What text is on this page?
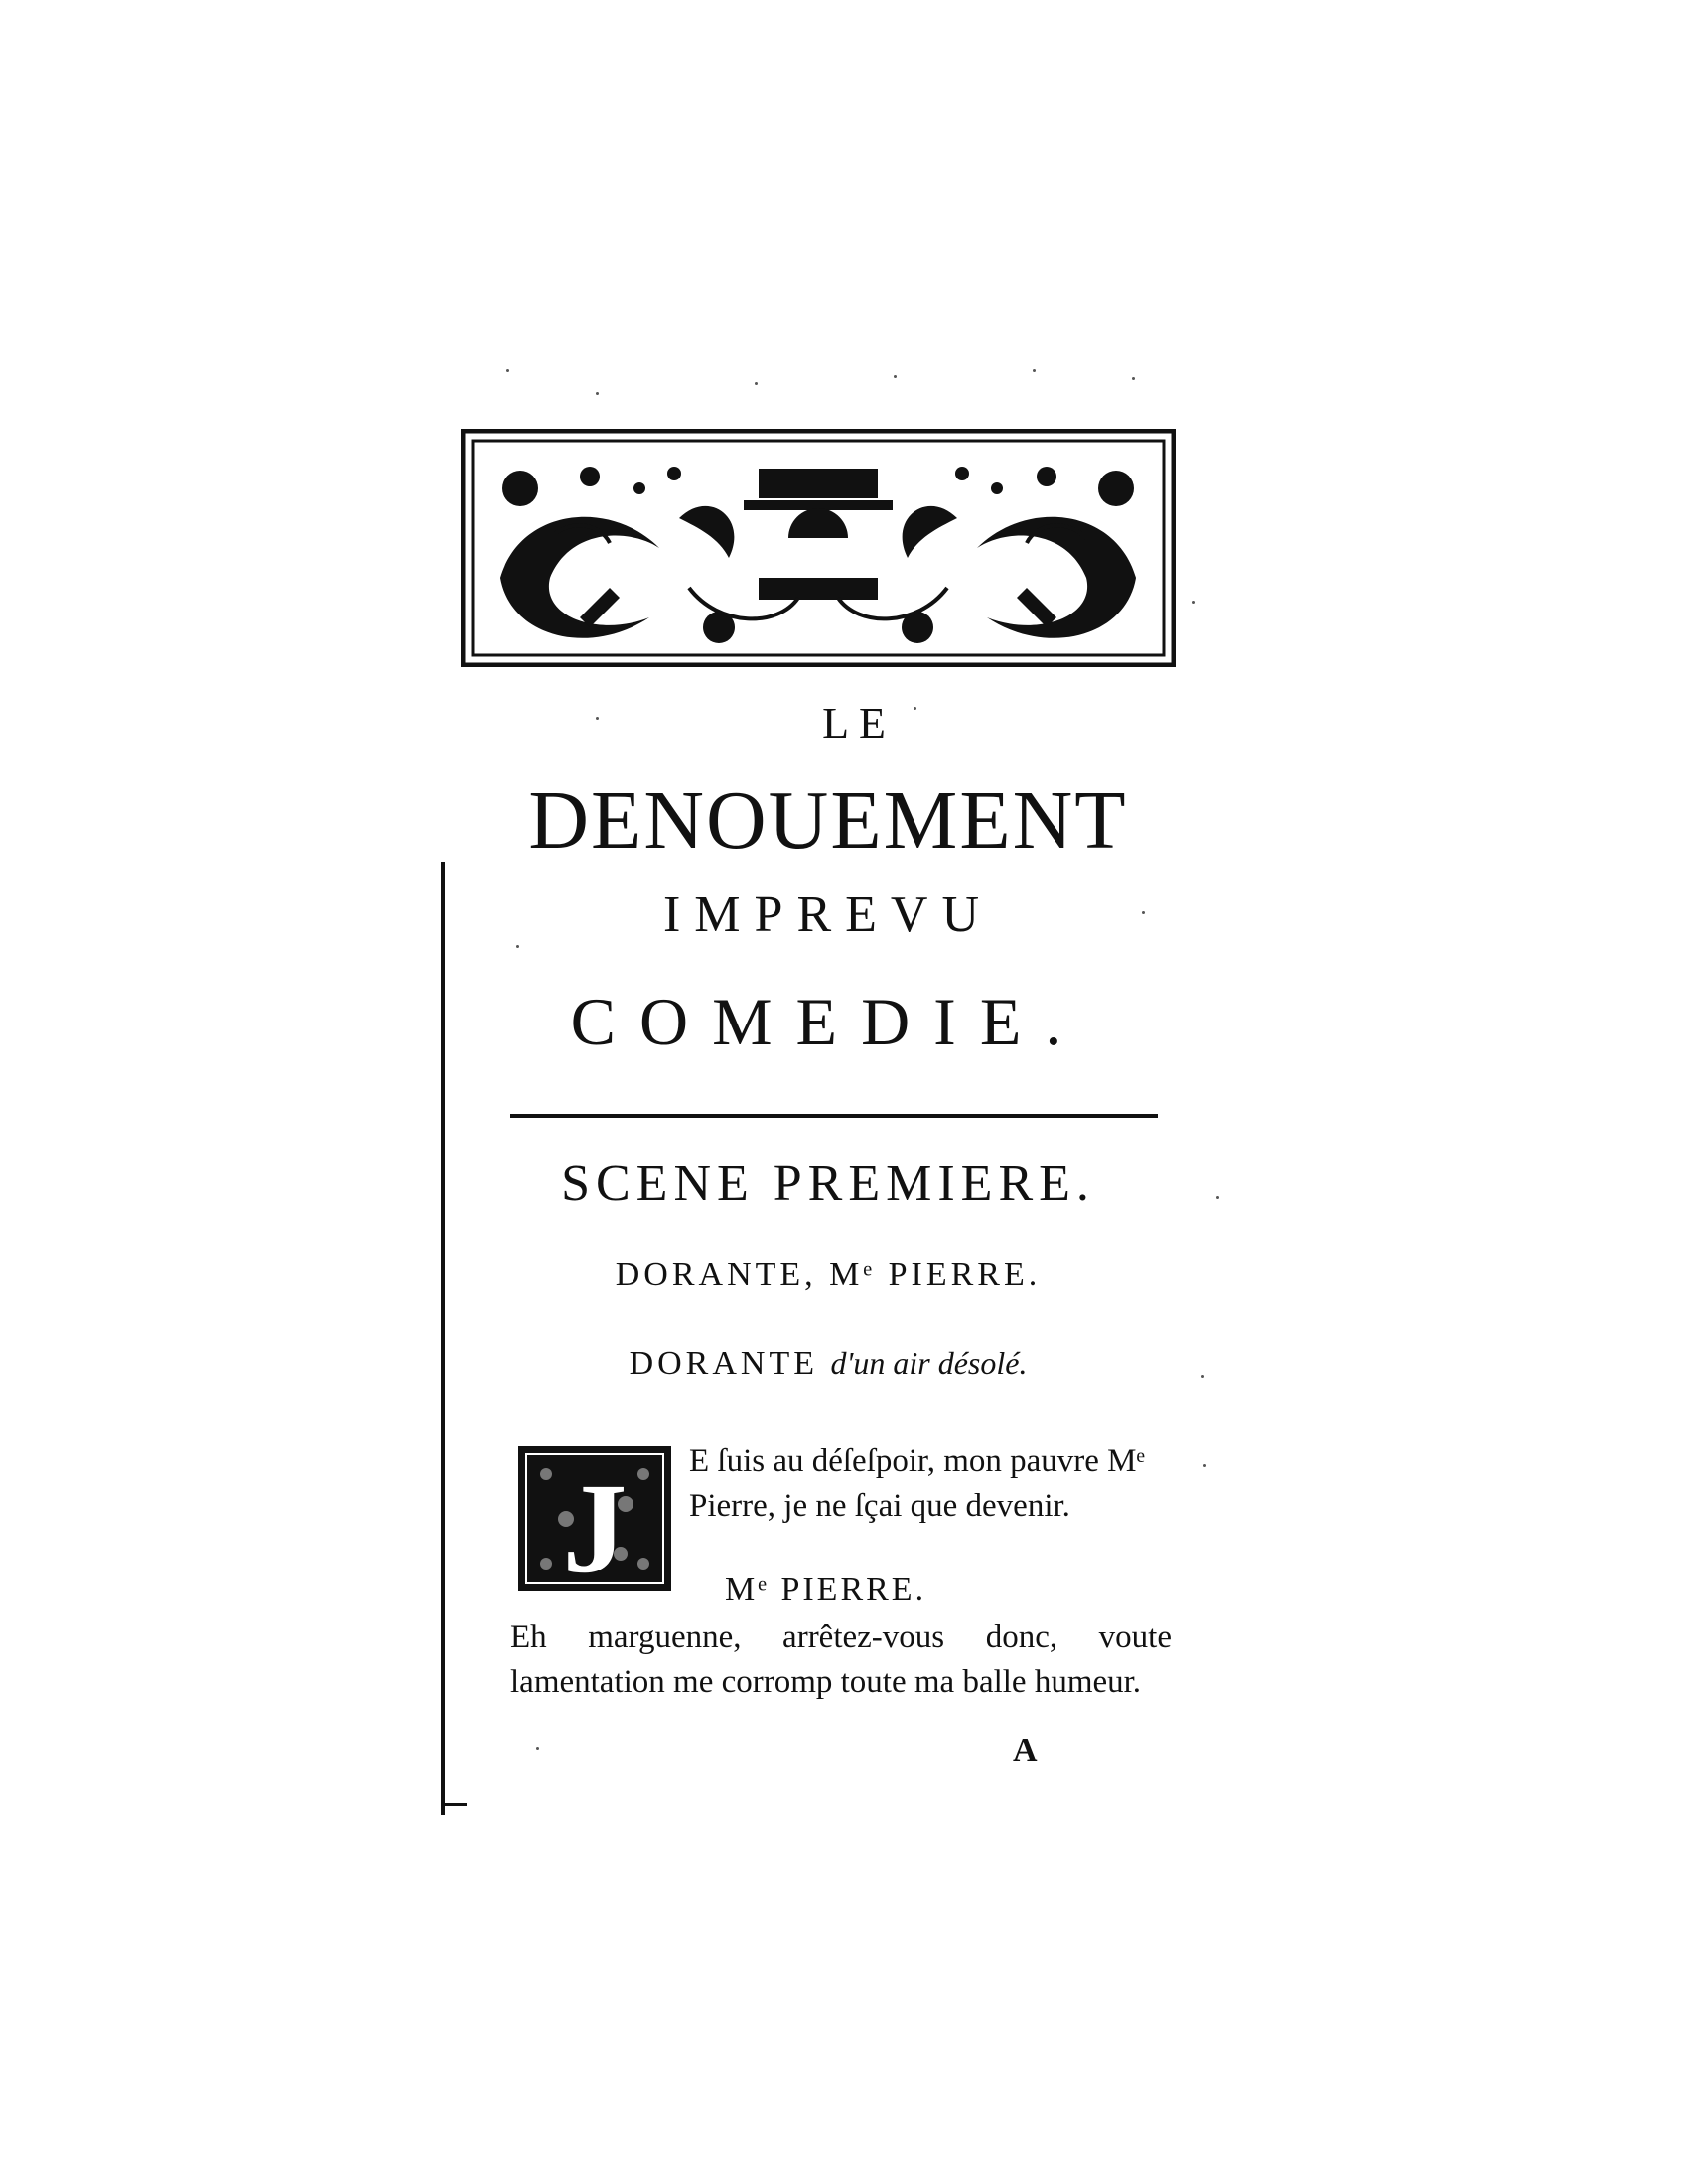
LE
DENOUEMENT
IMPREVU
COMEDIE.
SCENE PREMIERE.
DORANTE, Mᵉ PIERRE.
DORANTE d'un air désolé.
J E ſuis au déſeſpoir, mon pauvre Mᵉ Pierre, je ne ſçai que devenir.
Mᵉ PIERRE.
Eh marguenne, arrêtez-vous donc, voute lamentation me corromp toute ma balle humeur.
A
